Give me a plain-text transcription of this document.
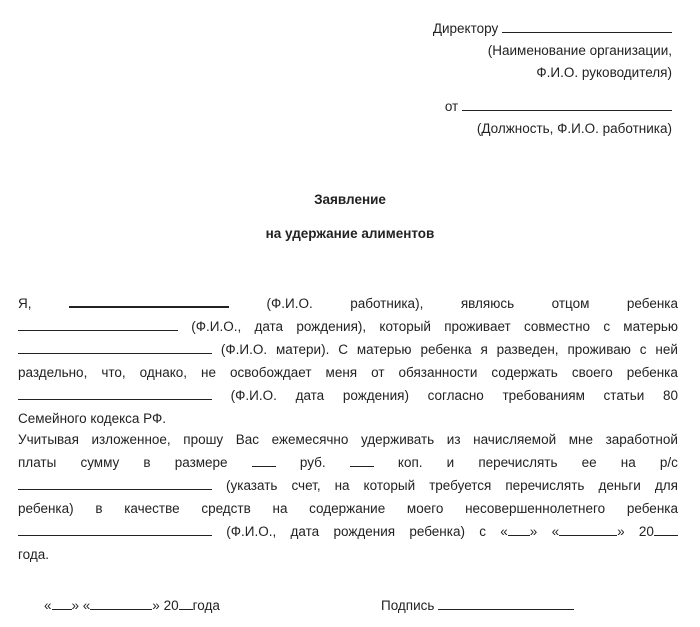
Директору
(Наименование организации,
Ф.И.О. руководителя)
от
(Должность, Ф.И.О. работника)
Заявление
на удержание алиментов
Я,	(Ф.И.О.	работника),	являюсь	отцом	ребенка
(Ф.И.О., дата рождения), который проживает совместно с матерью
(Ф.И.О. матери). С матерью ребенка я разведен, проживаю с ней
раздельно, что, однако, не освобождает меня от обязанности содержать своего ребенка
(Ф.И.О. дата рождения) согласно требованиям статьи 80
Семейного кодекса РФ.
Учитывая изложенное, прошу Вас ежемесячно удерживать из начисляемой мне заработной
платы сумму в размере	руб.	коп. и перечислять ее на р/с
(указать счет, на который требуется перечислять деньги для
ребенка) в качестве средств на содержание моего несовершеннолетнего ребенка
(Ф.И.О., дата рождения ребенка) с « » «	» 20
года.
« » «	» 20 года	Подпись
